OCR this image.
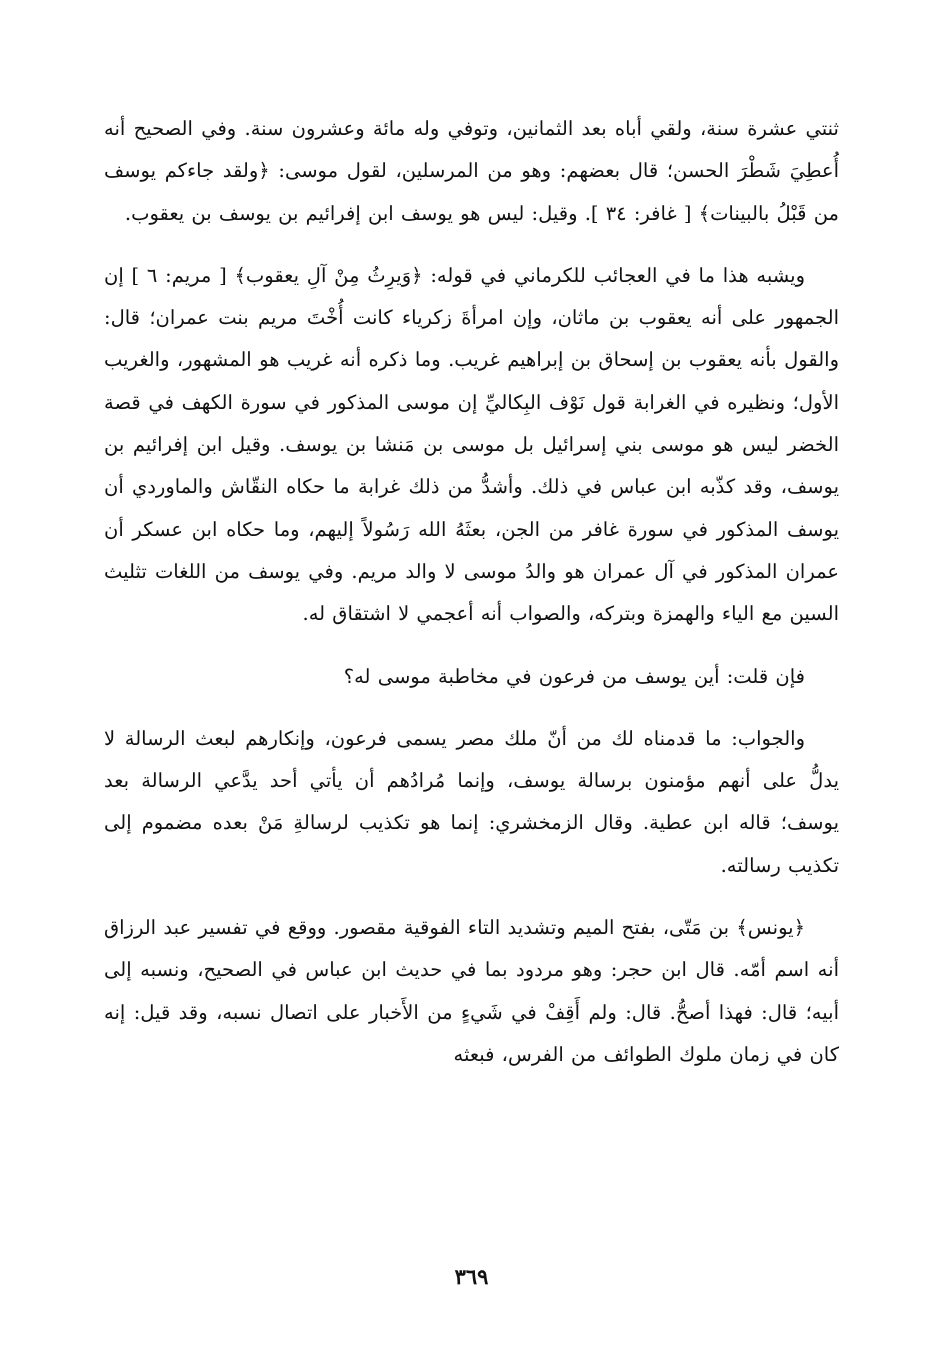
ثنتي عشرة سنة، ولقي أباه بعد الثمانين، وتوفي وله مائة وعشرون سنة. وفي الصحيح أنه أُعطِيَ شَطْرَ الحسن؛ قال بعضهم: وهو من المرسلين، لقول موسى: ﴿ولقد جاءكم يوسف من قَبْلُ بالبينات﴾ [ غافر: ٣٤ ]. وقيل: ليس هو يوسف ابن إفرائيم بن يوسف بن يعقوب.

ويشبه هذا ما في العجائب للكرماني في قوله: ﴿وَيرِثُ مِنْ آلِ يعقوب﴾ [ مريم: ٦ ] إن الجمهور على أنه يعقوب بن ماثان، وإن امرأةَ زكرياء كانت أُخْتَ مريم بنت عمران؛ قال: والقول بأنه يعقوب بن إسحاق بن إبراهيم غريب. وما ذكره أنه غريب هو المشهور، والغريب الأول؛ ونظيره في الغرابة قول نَوْف البِكاليِّ إن موسى المذكور في سورة الكهف في قصة الخضر ليس هو موسى بني إسرائيل بل موسى بن مَنشا بن يوسف. وقيل ابن إفرائيم بن يوسف، وقد كذّبه ابن عباس في ذلك. وأشدُّ من ذلك غرابة ما حكاه النقّاش والماوردي أن يوسف المذكور في سورة غافر من الجن، بعثَهُ الله رَسُولاً إليهم، وما حكاه ابن عسكر أن عمران المذكور في آل عمران هو والدُ موسى لا والد مريم. وفي يوسف من اللغات تثليث السين مع الياء والهمزة وبتركه، والصواب أنه أعجمي لا اشتقاق له.

فإن قلت: أين يوسف من فرعون في مخاطبة موسى له؟

والجواب: ما قدمناه لك من أنّ ملك مصر يسمى فرعون، وإنكارهم لبعث الرسالة لا يدلُّ على أنهم مؤمنون برسالة يوسف، وإنما مُرادُهم أن يأتي أحد يدَّعي الرسالة بعد يوسف؛ قاله ابن عطية. وقال الزمخشري: إنما هو تكذيب لرسالةِ مَنْ بعده مضموم إلى تكذيب رسالته.

﴿يونس﴾ بن مَتّى، بفتح الميم وتشديد التاء الفوقية مقصور. ووقع في تفسير عبد الرزاق أنه اسم أمّه. قال ابن حجر: وهو مردود بما في حديث ابن عباس في الصحيح، ونسبه إلى أبيه؛ قال: فهذا أصحُّ. قال: ولم أَقِفْ في شَيءٍ من الأَخبار على اتصال نسبه، وقد قيل: إنه كان في زمان ملوك الطوائف من الفرس، فبعثه

٣٦٩
